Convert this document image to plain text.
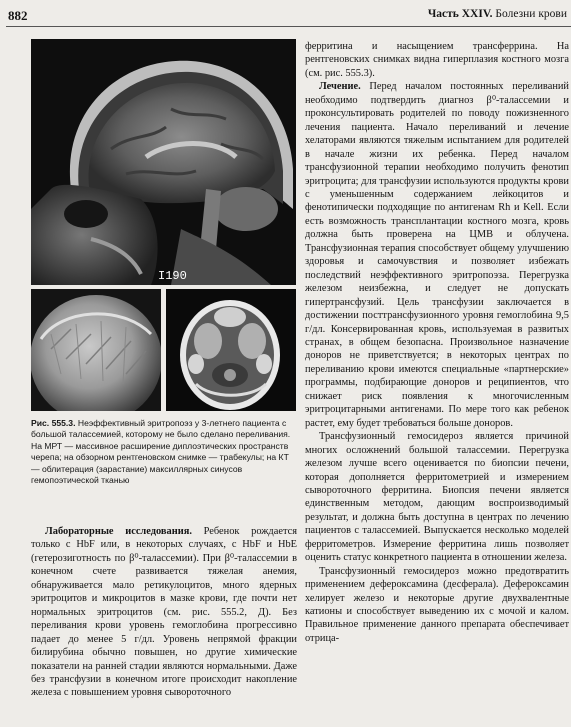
882	Часть XXIV. Болезни крови
I190
Рис. 555.3. Неэффективный эритропоэз у 3-летнего пациента с большой талассемией, которому не было сделано переливания. На МРТ — массивное расширение диплоэтических пространств черепа; на обзорном рентгеновском снимке — трабекулы; на КТ — облитерация (зарастание) максиллярных синусов гемопоэтической тканью

Лабораторные исследования. Ребенок рождается только с HbF или, в некоторых случаях, с HbF и HbE (гетерозиготность по β⁰-талассемии). При β⁰-талассемии в конечном счете развивается тяжелая анемия, обнаруживается мало ретикулоцитов, много ядерных эритроцитов и микроцитов в мазке крови, где почти нет нормальных эритроцитов (см. рис. 555.2, Д). Без переливания крови уровень гемоглобина прогрессивно падает до менее 5 г/дл. Уровень непрямой фракции билирубина обычно повышен, но другие химические показатели на ранней стадии являются нормальными. Даже без трансфузии в конечном итоге происходит накопление железа с повышением уровня сывороточного

ферритина и насыщением трансферрина. На рентгеновских снимках видна гиперплазия костного мозга (см. рис. 555.3).

Лечение. Перед началом постоянных переливаний необходимо подтвердить диагноз β⁰-талассемии и проконсультировать родителей по поводу пожизненного лечения пациента. Начало переливаний и лечение хелаторами являются тяжелым испытанием для родителей в начале жизни их ребенка. Перед началом трансфузионной терапии необходимо получить фенотип эритроцита; для трансфузии используются продукты крови с уменьшенным содержанием лейкоцитов и фенотипически подходящие по антигенам Rh и Kell. Если есть возможность трансплантации костного мозга, кровь должна быть проверена на ЦМВ и облучена. Трансфузионная терапия способствует общему улучшению здоровья и самочувствия и позволяет избежать последствий неэффективного эритропоэза. Перегрузка железом неизбежна, и следует не допускать гипертрансфузий. Цель трансфузии заключается в достижении посттрансфузионного уровня гемоглобина 9,5 г/дл. Консервированная кровь, используемая в развитых странах, в общем безопасна. Произвольное назначение доноров не приветствуется; в некоторых центрах по переливанию крови имеются специальные «партнерские» программы, подбирающие доноров и реципиентов, что снижает риск появления к многочисленным эритроцитарными антигенами. По мере того как ребенок растет, ему будет требоваться больше доноров.

Трансфузионный гемосидероз является причиной многих осложнений большой талассемии. Перегрузка железом лучше всего оценивается по биопсии печени, которая дополняется ферритометрией и измерением сывороточного ферритина. Биопсия печени является единственным методом, дающим воспроизводимый результат, и должна быть доступна в центрах по лечению пациентов с талассемией. Выпускается несколько моделей ферритометров. Измерение ферритина лишь позволяет оценить статус конкретного пациента в отношении железа.

Трансфузионный гемосидероз можно предотвратить применением дефероксамина (десферала). Дефероксамин хелирует железо и некоторые другие двухвалентные катионы и способствует выведению их с мочой и калом. Правильное применение данного препарата обеспечивает отрица-
